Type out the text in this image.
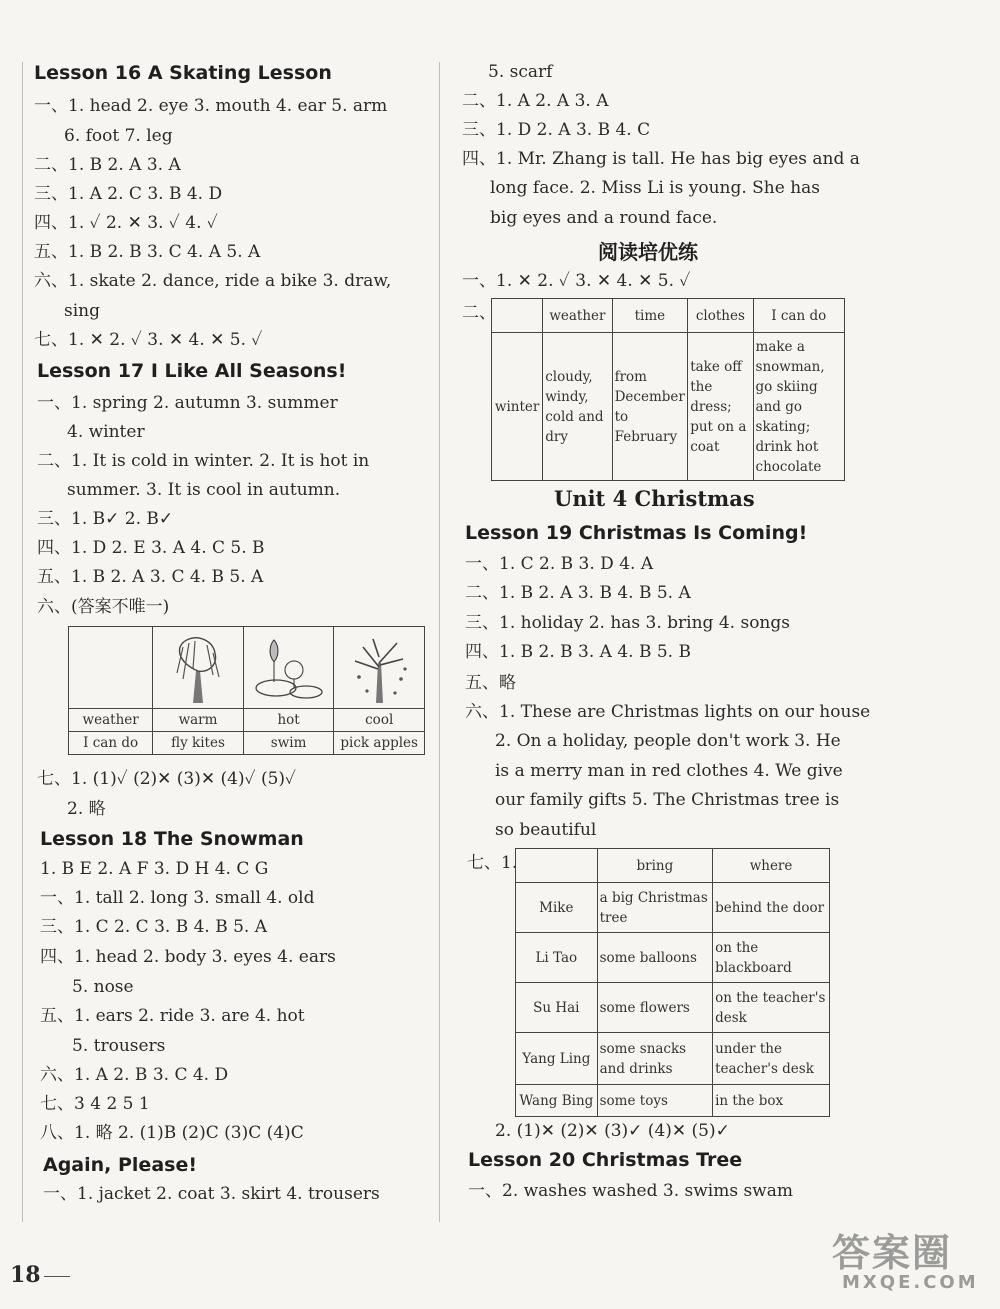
Lesson 16 A Skating Lesson
一、1. head 2. eye 3. mouth 4. ear 5. arm
6. foot 7. leg
二、1. B 2. A 3. A
三、1. A 2. C 3. B 4. D
四、1. ✓ 2. ✕ 3. ✓ 4. ✓
五、1. B 2. B 3. C 4. A 5. A
六、1. skate 2. dance, ride a bike 3. draw,
sing
七、1. ✕ 2. ✓ 3. ✕ 4. ✕ 5. ✓
Lesson 17 I Like All Seasons!
一、1. spring 2. autumn 3. summer
4. winter
二、1. It is cold in winter. 2. It is hot in
summer. 3. It is cool in autumn.
三、1. B✓ 2. B✓
四、1. D 2. E 3. A 4. C 5. B
五、1. B 2. A 3. C 4. B 5. A
六、(答案不唯一)

weather	warm	hot	cool
I can do	fly kites	swim	pick apples
七、1. (1)✓ (2)✕ (3)✕ (4)✓ (5)✓
2. 略
Lesson 18 The Snowman
1. B E 2. A F 3. D H 4. C G
一、1. tall 2. long 3. small 4. old
三、1. C 2. C 3. B 4. B 5. A
四、1. head 2. body 3. eyes 4. ears
5. nose
五、1. ears 2. ride 3. are 4. hot
5. trousers
六、1. A 2. B 3. C 4. D
七、3 4 2 5 1
八、1. 略 2. (1)B (2)C (3)C (4)C
Again, Please!
一、1. jacket 2. coat 3. skirt 4. trousers
18
5. scarf
二、1. A 2. A 3. A
三、1. D 2. A 3. B 4. C
四、1. Mr. Zhang is tall. He has big eyes and a
long face. 2. Miss Li is young. She has
big eyes and a round face.
阅读培优练
一、1. ✕ 2. ✓ 3. ✕ 4. ✕ 5. ✓
二、
		weather	time	clothes	I can do
winter	cloudy, windy, cold and dry	from December to February	take off the dress; put on a coat	make a snowman, go skiing and go skating; drink hot chocolate
Unit 4 Christmas
Lesson 19 Christmas Is Coming!
一、1. C 2. B 3. D 4. A
二、1. B 2. A 3. B 4. B 5. A
三、1. holiday 2. has 3. bring 4. songs
四、1. B 2. B 3. A 4. B 5. B
五、略
六、1. These are Christmas lights on our house
2. On a holiday, people don't work 3. He
is a merry man in red clothes 4. We give
our family gifts 5. The Christmas tree is
so beautiful
七、1.
		bring	where
Mike	a big Christmas tree	behind the door
Li Tao	some balloons	on the blackboard
Su Hai	some flowers	on the teacher's desk
Yang Ling	some snacks and drinks	under the teacher's desk
Wang Bing	some toys	in the box
2. (1)✕ (2)✕ (3)✓ (4)✕ (5)✓
Lesson 20 Christmas Tree
一、2. washes washed 3. swims swam
答案圈
MXQE.COM
